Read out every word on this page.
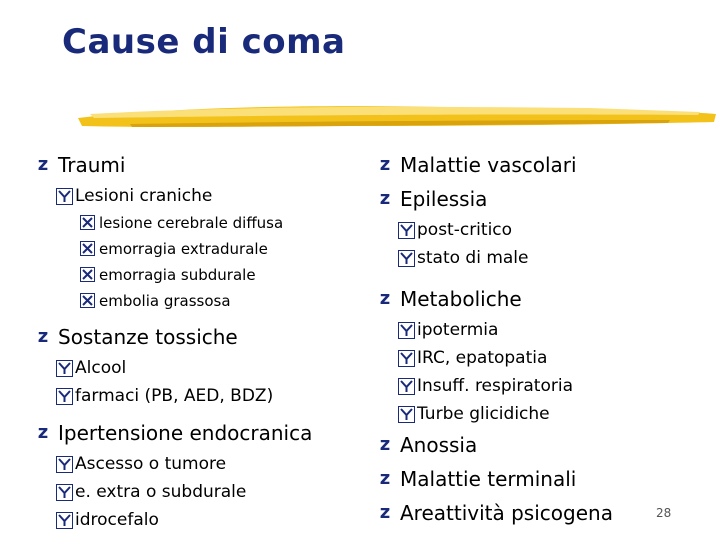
Cause di coma
z Traumi
Lesioni craniche
lesione cerebrale diffusa
emorragia extradurale
emorragia subdurale
embolia grassosa
z Sostanze tossiche
Alcool
farmaci (PB, AED, BDZ)
z Ipertensione endocranica
Ascesso o tumore
e. extra o subdurale
idrocefalo
z Malattie vascolari
z Epilessia
post-critico
stato di male
z Metaboliche
ipotermia
IRC, epatopatia
Insuff. respiratoria
Turbe glicidiche
z Anossia
z Malattie terminali
z Areattività psicogena	28
